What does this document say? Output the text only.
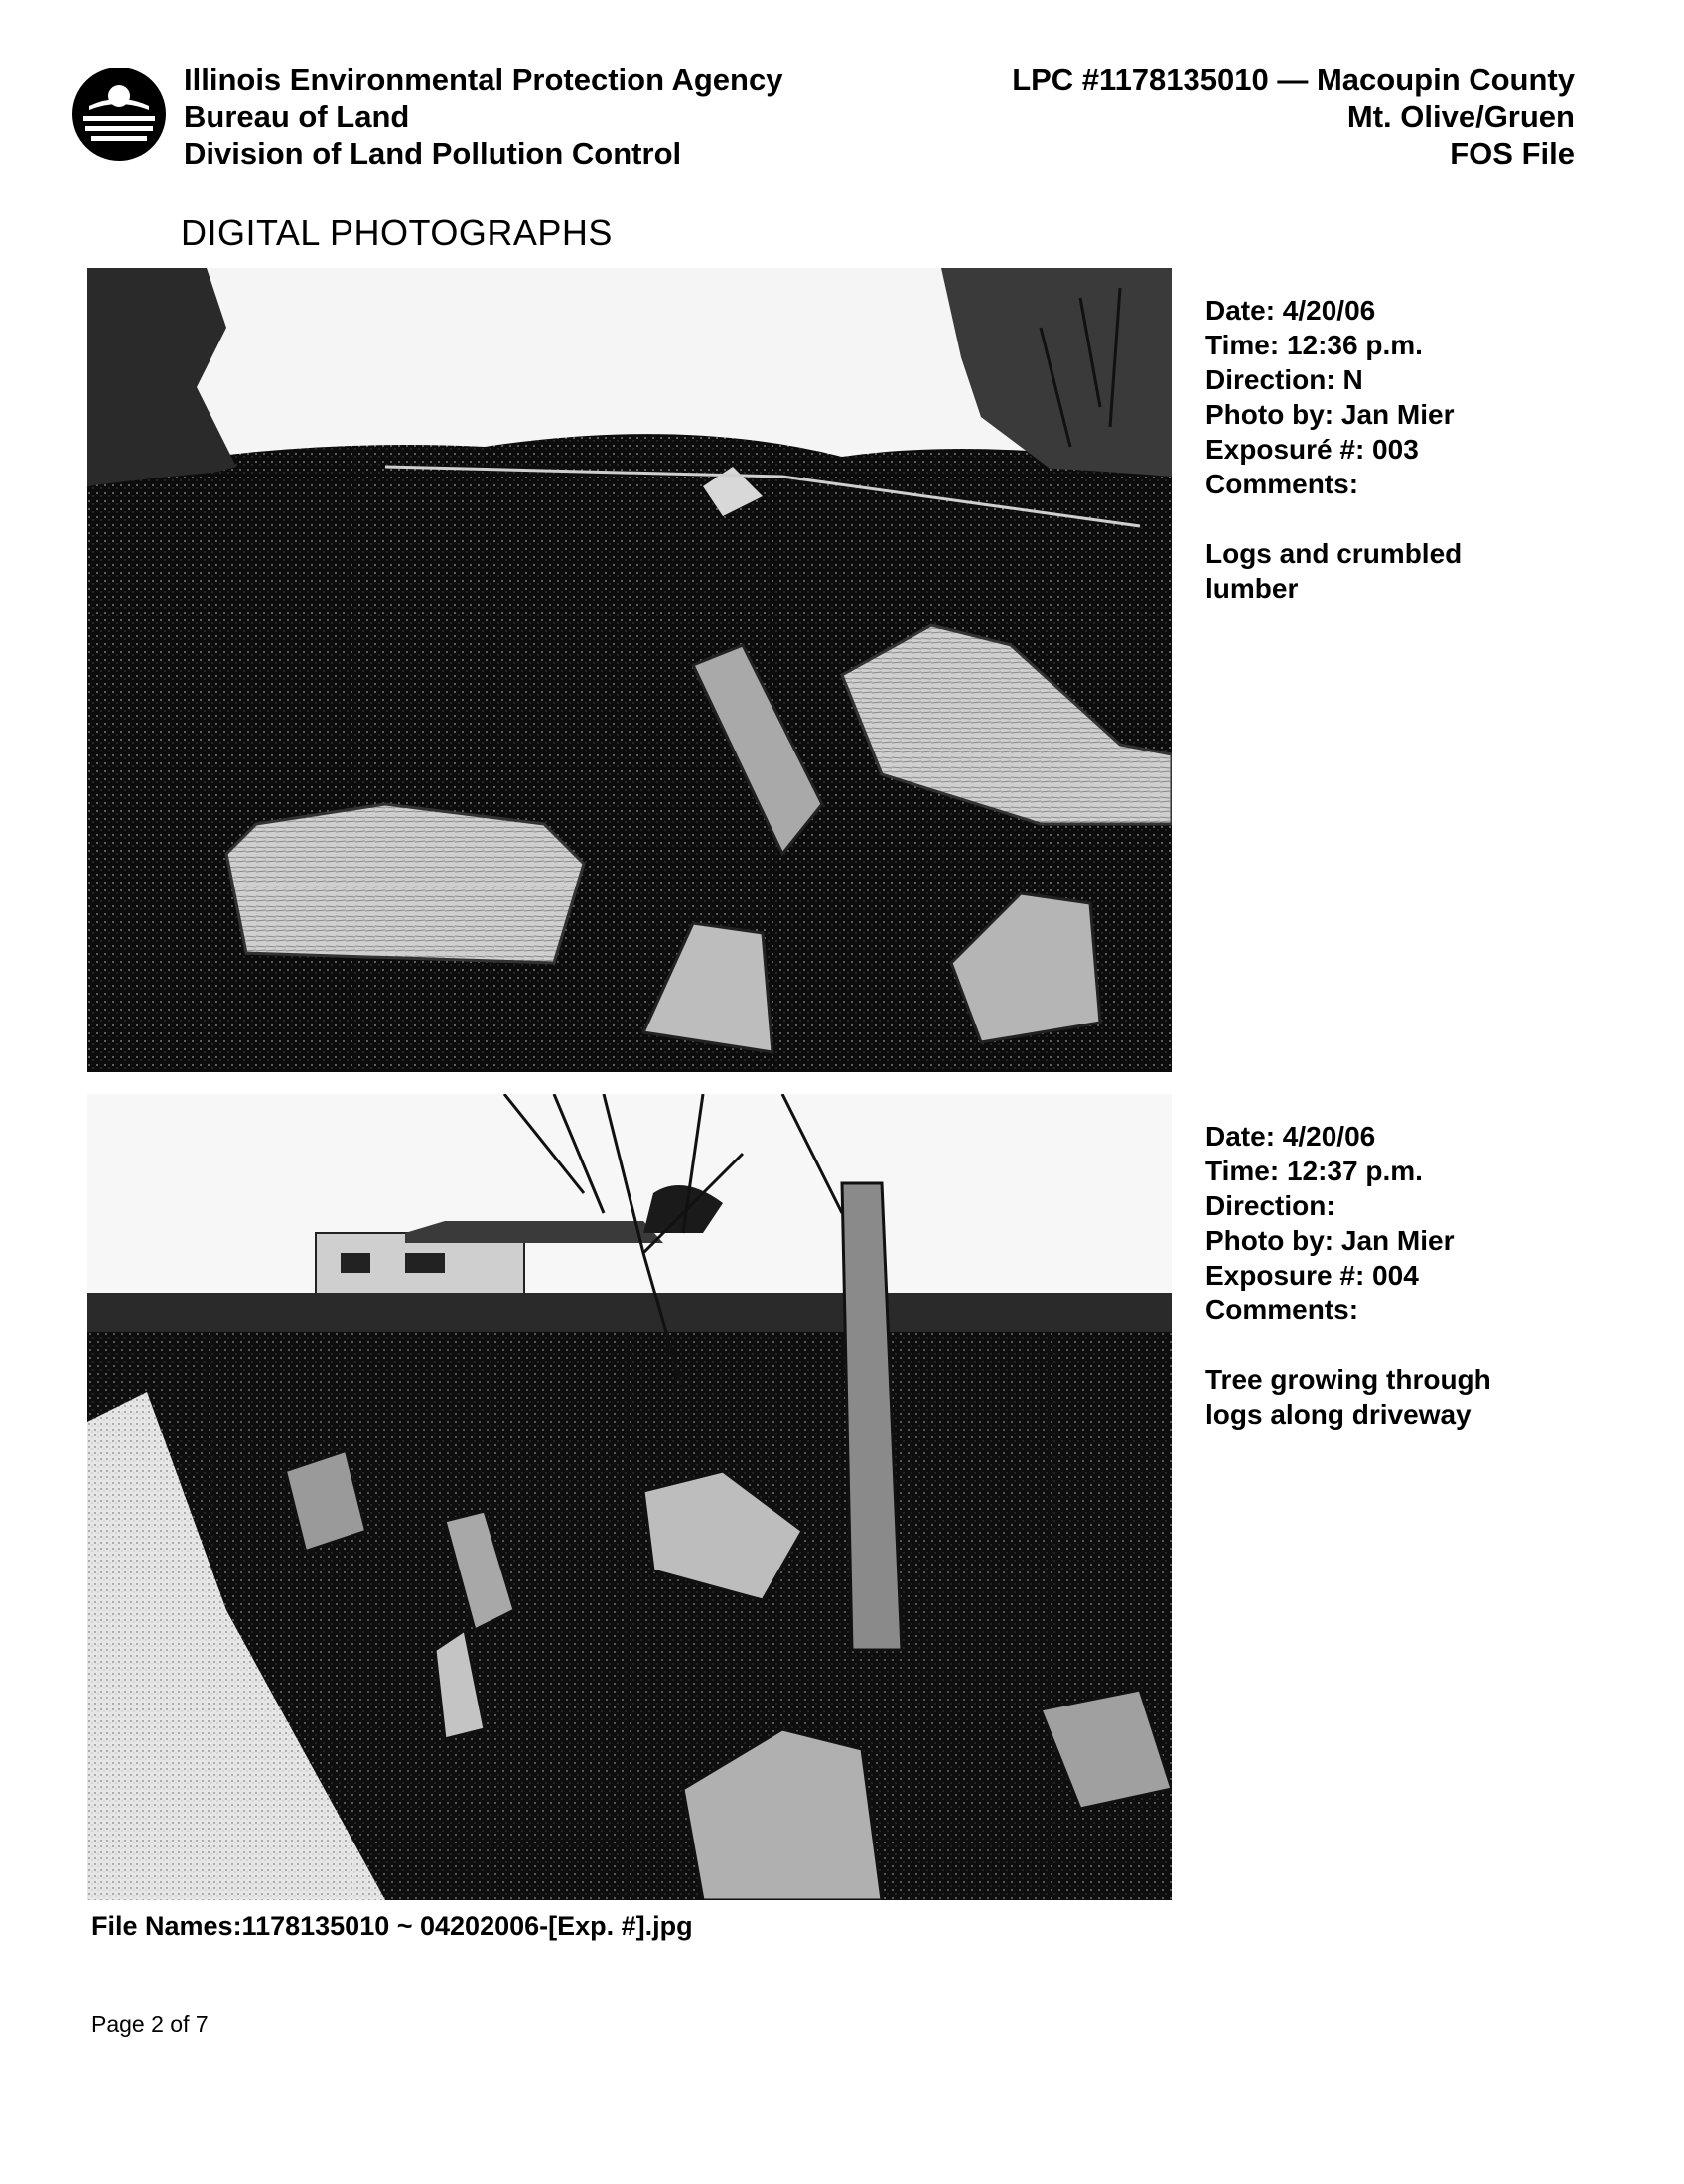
Illinois Environmental Protection Agency
Bureau of Land
Division of Land Pollution Control
LPC #1178135010 — Macoupin County
Mt. Olive/Gruen
FOS File
DIGITAL PHOTOGRAPHS
Date: 4/20/06
Time: 12:36 p.m.
Direction: N
Photo by: Jan Mier
Exposuré #: 003
Comments:
Logs and crumbled lumber
Date: 4/20/06
Time: 12:37 p.m.
Direction:
Photo by: Jan Mier
Exposure #: 004
Comments:
Tree growing through logs along driveway
File Names:1178135010 ~ 04202006-[Exp. #].jpg
Page 2 of 7
